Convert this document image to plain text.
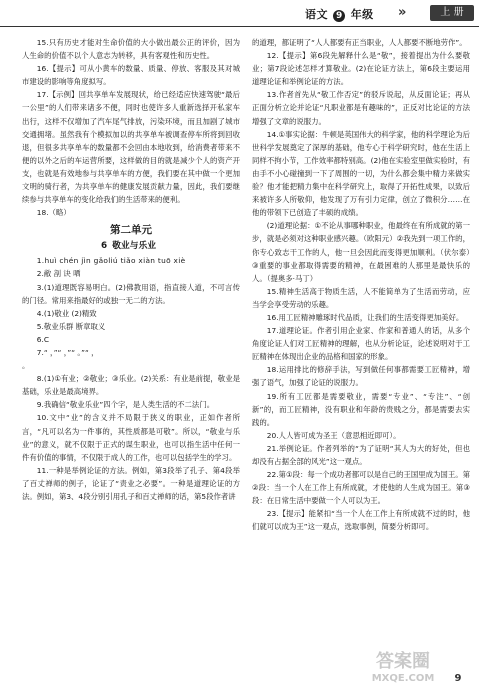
语文 9 年级 »	上 册

15.只有历史才能对生命价值的大小做出最公正的评价，因为人生命的价值不以个人意志为转移，具有客观性和历史性。

16.【提示】可从小黄车的数量、质量、停放、客服及其对城市建设的影响等角度拟写。

17.【示例】回共享单车发展现状，给已经适应快速驾驶“最后一公里”的人们带来诸多不便，同时也使许多人重新选择开私家车出行，这样不仅增加了汽车尾气排放，污染环境，而且加剧了城市交通拥堵。虽然我有个模拟加以的共享单车被调查停车所将到回收退，但很多共享单车的数量都不会回由本地收到，给消费者带来不便的以外之后的车运营所要，这样做的目的就是减少个人的资产开支，也就是有效地参与共享单车的方便，我们要在其中做一个更加文明的骑行者，为共享单车的健康发展贡献力量，因此，我们要继续参与共享单车的变化给我们的生活带来的便利。

18.（略）

第二单元
6 敬业与乐业

1.huì chén jìn gǎoliú tiǎo xiàn tuō xiè

2.敝 剖 诀 哂

3.(1)道理既容易明白。(2)佛教用语，指直接人道，不可言传的门径。常用来指最好的或独一无二的方法。

4.(1)敬业 (2)精致

5.敬业乐群 断章取义

6.C

7.“ ，”“ ，”“ 。”“ ，

。

8.(1)①有业；②敬业；③乐业。(2)关系：有业是前提，敬业是基础，乐业是最高境界。

9.我确信“敬业乐业”四个字，是人类生活的不二法门。

10.文中“业”的含义并不局限于狭义的职业，正如作者所言，“凡可以名为一件事的，其性质都是可敬”。所以，“敬业与乐业”的意义，就不仅限于正式的谋生职业，也可以指生活中任何一件有价值的事情，不仅限于成人的工作，也可以包括学生的学习。

11.一种是举例论证的方法。例如，第3段举了孔子、第4段举了百丈禅师的例子，论证了“责业之必要”。一种是道理论证的方法。例如，第3、4段分别引用孔子和百丈禅师的话，第5段作者讲

的道理，都证明了“人人都要有正当职业，人人都要不断地劳作”。

12.【提示】第6段先解释什么是“敬”，接着提出为什么要敬业；第7段论述怎样才算敬业。(2)在论证方法上，第6段主要运用道理论证和举例论证的方法。

13.作者首先从“敬工作否定”的驳斥说起，从反面论证；再从正面分析立论并论证“凡职业都是有趣味的”，正反对比论证的方法增强了文章的说服力。

14.①事实论据：牛顿是英国伟大的科学家，他的科学理论为后世科学发展奠定了深厚的基础，他专心于科学研究时，他在生活上同样不拘小节，工作效率都特别高。(2)他在实验室里做实验时，有由手不小心碰撞到一下了周围的一切，为什么都会集中精力来做实验？他才能把精力集中在科学研究上，取得了开拓性成果，以致后来被许多人所敬仰，他发现了万有引力定律，创立了微积分……在他的带领下已创造了丰硕的成绩。

(2)道理论据：①不论从事哪种职业，他最终在有所成就的第一步，就是必须对这种职业感兴趣。（欧阳元）②我先到一项工作的，你专心致志干工作的人，他一旦会因此而变得更加顺利。（伏尔泰）③重要的事业都取得需要的精神，在最困难的人那里是最快乐的人。（提奥多·马丁）

15.精神生活高于物质生活，人不能简单为了生活而劳动，应当学会享受劳动的乐趣。

16.用工匠精神雕琢时代品质，让我们的生活变得更加美好。

17.道理论证。作者引用企业家、作家和普通人的话，从多个角度论证人们对工匠精神的理解，也从分析论证，论述说明对于工匠精神在体现出企业的品格和国家的形象。

18.运用排比的修辞手法，写到做任何事都需要工匠精神，增强了语气，加强了论证的说服力。

19.所有工匠都是需要敬业，需要“专业”、“专注”、“创新”的，而工匠精神，没有职业和年龄的贵贱之分，都是需要去实践的。

20.人人皆可成为圣王（意思相近即可）。

21.举例论证。作者列举的“为了证明“其人为大的好处，但也却没有占据全部的风光”这一观点。

22.第①段：每一个成功者都可以是自己的王国里成为国王。第②段：当一个人在工作上有所成就，才使他的人生成为国王。第③段：在日常生活中要做一个人可以为王。

23.【提示】能紧扣“当一个人在工作上有所成就不过的时，他们就可以成为王”这一观点，选取事例，简要分析即可。

答案圈
MXQE.COM	9
